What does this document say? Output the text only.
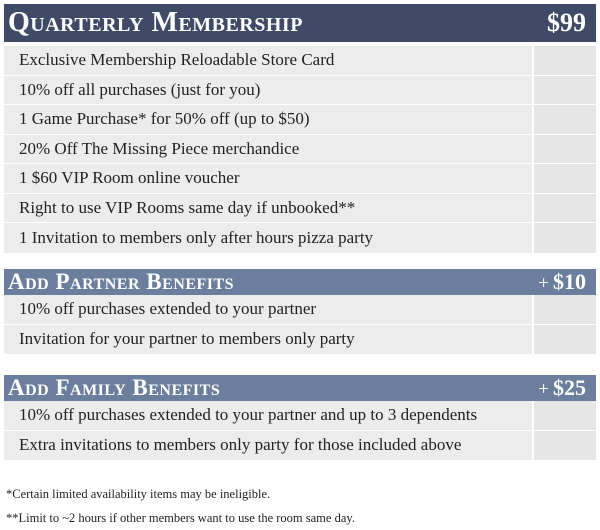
Quarterly Membership	$99
Exclusive Membership Reloadable Store Card
10% off all purchases (just for you)
1 Game Purchase* for 50% off (up to $50)
20% Off The Missing Piece merchandice
1 $60 VIP Room online voucher
Right to use VIP Rooms same day if unbooked**
1 Invitation to members only after hours pizza party
Add Partner Benefits	+ $10
10% off purchases extended to your partner
Invitation for your partner to members only party
Add Family Benefits	+ $25
10% off purchases extended to your partner and up to 3 dependents
Extra invitations to members only party for those included above
*Certain limited availability items may be ineligible.
**Limit to ~2 hours if other members want to use the room same day.
